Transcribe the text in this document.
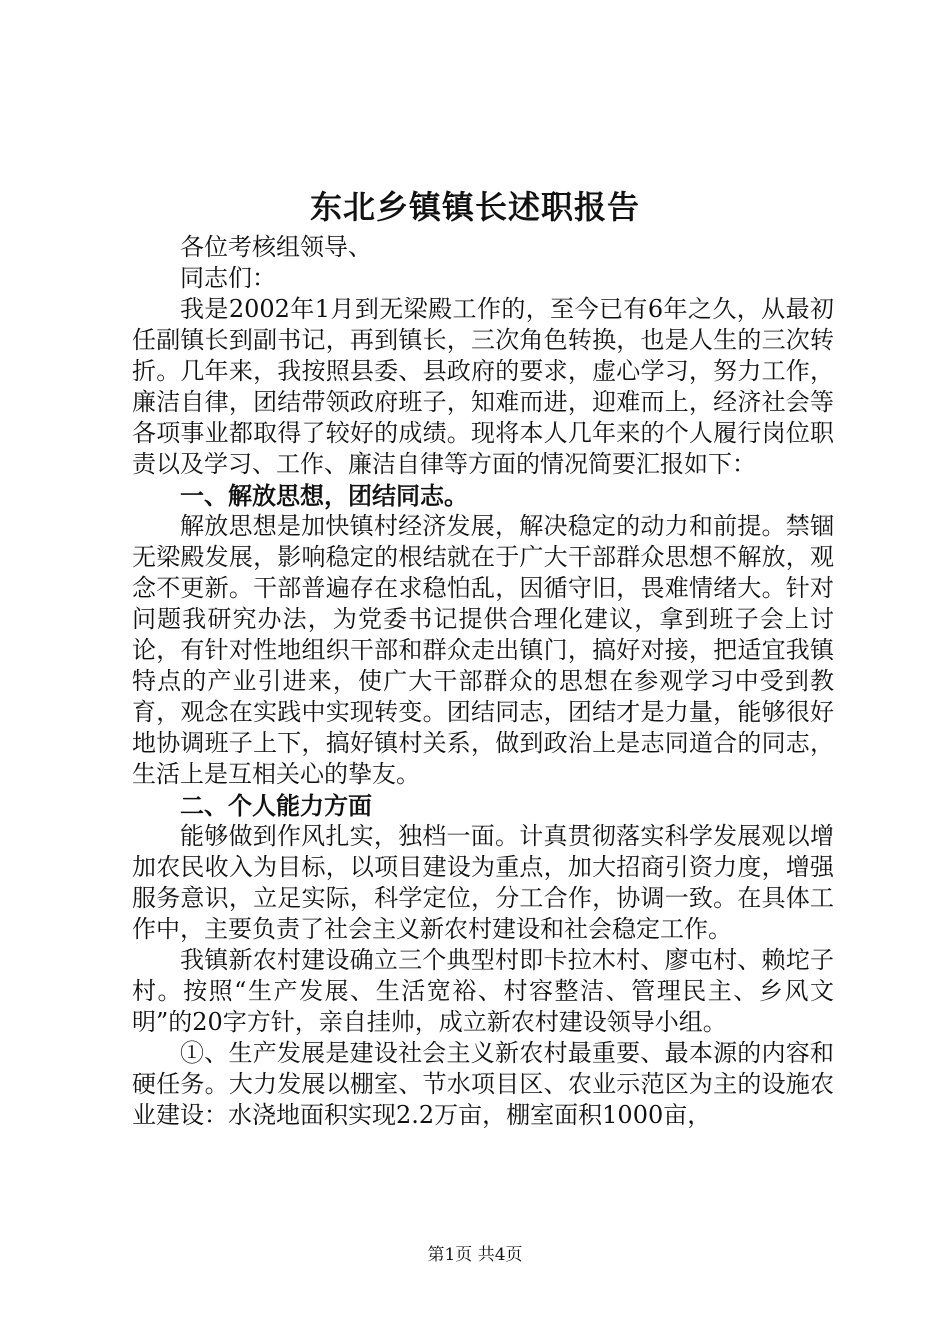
东北乡镇镇长述职报告

各位考核组领导、

同志们：

我是2002年1月到无梁殿工作的，至今已有6年之久，从最初任副镇长到副书记，再到镇长，三次角色转换，也是人生的三次转折。几年来，我按照县委、县政府的要求，虚心学习，努力工作，廉洁自律，团结带领政府班子，知难而进，迎难而上，经济社会等各项事业都取得了较好的成绩。现将本人几年来的个人履行岗位职责以及学习、工作、廉洁自律等方面的情况简要汇报如下：

一、解放思想，团结同志。

解放思想是加快镇村经济发展，解决稳定的动力和前提。禁锢无梁殿发展，影响稳定的根结就在于广大干部群众思想不解放，观念不更新。干部普遍存在求稳怕乱，因循守旧，畏难情绪大。针对问题我研究办法，为党委书记提供合理化建议，拿到班子会上讨论，有针对性地组织干部和群众走出镇门，搞好对接，把适宜我镇特点的产业引进来，使广大干部群众的思想在参观学习中受到教育，观念在实践中实现转变。团结同志，团结才是力量，能够很好地协调班子上下，搞好镇村关系，做到政治上是志同道合的同志，生活上是互相关心的挚友。

二、个人能力方面

能够做到作风扎实，独档一面。计真贯彻落实科学发展观以增加农民收入为目标，以项目建设为重点，加大招商引资力度，增强服务意识，立足实际，科学定位，分工合作，协调一致。在具体工作中，主要负责了社会主义新农村建设和社会稳定工作。

我镇新农村建设确立三个典型村即卡拉木村、廖屯村、赖坨子村。按照“生产发展、生活宽裕、村容整洁、管理民主、乡风文明”的20字方针，亲自挂帅，成立新农村建设领导小组。

①、生产发展是建设社会主义新农村最重要、最本源的内容和硬任务。大力发展以棚室、节水项目区、农业示范区为主的设施农业建设：水浇地面积实现2.2万亩，棚室面积1000亩，

第1页 共4页
